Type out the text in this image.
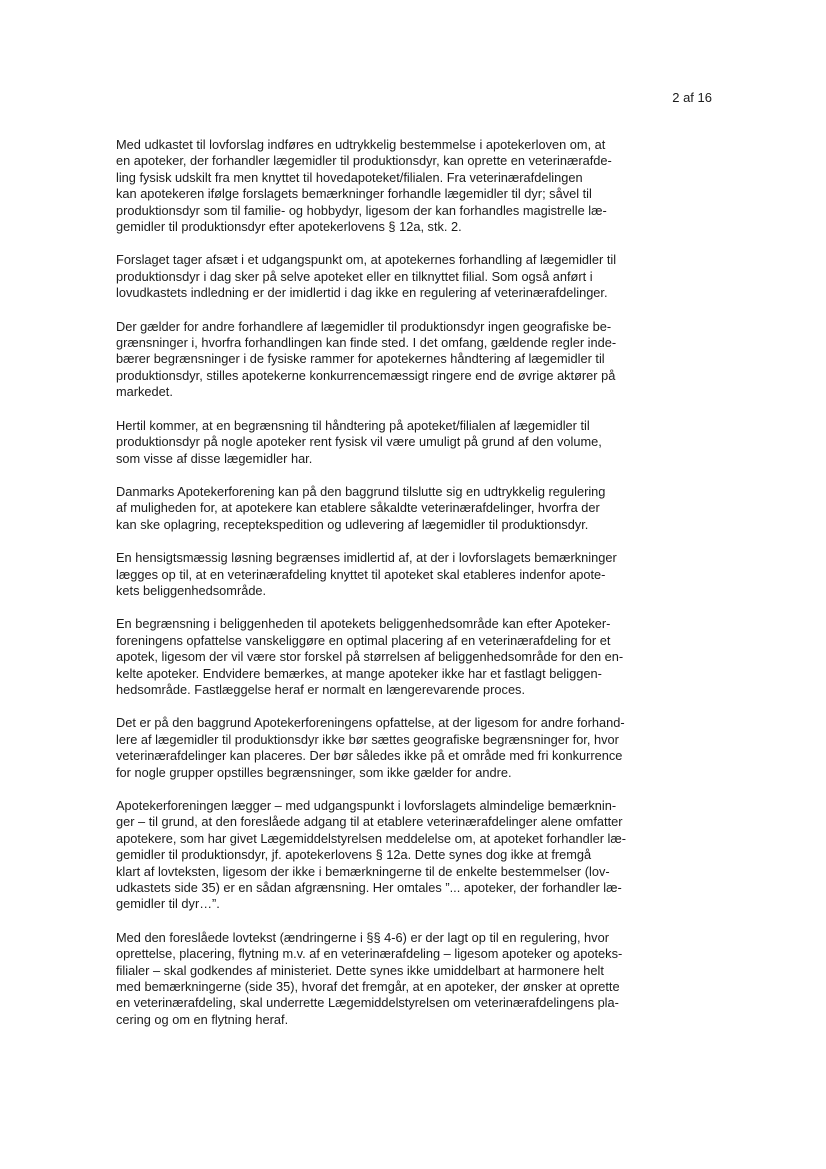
2 af 16
Med udkastet til lovforslag indføres en udtrykkelig bestemmelse i apotekerloven om, at
en apoteker, der forhandler lægemidler til produktionsdyr, kan oprette en veterinærafde-
ling fysisk udskilt fra men knyttet til hovedapoteket/filialen. Fra veterinærafdelingen
kan apotekeren ifølge forslagets bemærkninger forhandle lægemidler til dyr; såvel til
produktionsdyr som til familie- og hobbydyr, ligesom der kan forhandles magistrelle læ-
gemidler til produktionsdyr efter apotekerlovens § 12a, stk. 2.
Forslaget tager afsæt i et udgangspunkt om, at apotekernes forhandling af lægemidler til
produktionsdyr i dag sker på selve apoteket eller en tilknyttet filial. Som også anført i
lovudkastets indledning er der imidlertid i dag ikke en regulering af veterinærafdelinger.
Der gælder for andre forhandlere af lægemidler til produktionsdyr ingen geografiske be-
grænsninger i, hvorfra forhandlingen kan finde sted. I det omfang, gældende regler inde-
bærer begrænsninger i de fysiske rammer for apotekernes håndtering af lægemidler til
produktionsdyr, stilles apotekerne konkurrencemæssigt ringere end de øvrige aktører på
markedet.
Hertil kommer, at en begrænsning til håndtering på apoteket/filialen af lægemidler til
produktionsdyr på nogle apoteker rent fysisk vil være umuligt på grund af den volume,
som visse af disse lægemidler har.
Danmarks Apotekerforening kan på den baggrund tilslutte sig en udtrykkelig regulering
af muligheden for, at apotekere kan etablere såkaldte veterinærafdelinger, hvorfra der
kan ske oplagring, receptekspedition og udlevering af lægemidler til produktionsdyr.
En hensigtsmæssig løsning begrænses imidlertid af, at der i lovforslagets bemærkninger
lægges op til, at en veterinærafdeling knyttet til apoteket skal etableres indenfor apote-
kets beliggenhedsområde.
En begrænsning i beliggenheden til apotekets beliggenhedsområde kan efter Apoteker-
foreningens opfattelse vanskeliggøre en optimal placering af en veterinærafdeling for et
apotek, ligesom der vil være stor forskel på størrelsen af beliggenhedsområde for den en-
kelte apoteker. Endvidere bemærkes, at mange apoteker ikke har et fastlagt beliggen-
hedsområde. Fastlæggelse heraf er normalt en længerevarende proces.
Det er på den baggrund Apotekerforeningens opfattelse, at der ligesom for andre forhand-
lere af lægemidler til produktionsdyr ikke bør sættes geografiske begrænsninger for, hvor
veterinærafdelinger kan placeres. Der bør således ikke på et område med fri konkurrence
for nogle grupper opstilles begrænsninger, som ikke gælder for andre.
Apotekerforeningen lægger – med udgangspunkt i lovforslagets almindelige bemærknin-
ger – til grund, at den foreslåede adgang til at etablere veterinærafdelinger alene omfatter
apotekere, som har givet Lægemiddelstyrelsen meddelelse om, at apoteket forhandler læ-
gemidler til produktionsdyr, jf. apotekerlovens § 12a. Dette synes dog ikke at fremgå
klart af lovteksten, ligesom der ikke i bemærkningerne til de enkelte bestemmelser (lov-
udkastets side 35) er en sådan afgrænsning. Her omtales ”... apoteker, der forhandler læ-
gemidler til dyr…”.
Med den foreslåede lovtekst (ændringerne i §§ 4-6) er der lagt op til en regulering, hvor
oprettelse, placering, flytning m.v. af en veterinærafdeling – ligesom apoteker og apoteks-
filialer – skal godkendes af ministeriet. Dette synes ikke umiddelbart at harmonere helt
med bemærkningerne (side 35), hvoraf det fremgår, at en apoteker, der ønsker at oprette
en veterinærafdeling, skal underrette Lægemiddelstyrelsen om veterinærafdelingens pla-
cering og om en flytning heraf.
